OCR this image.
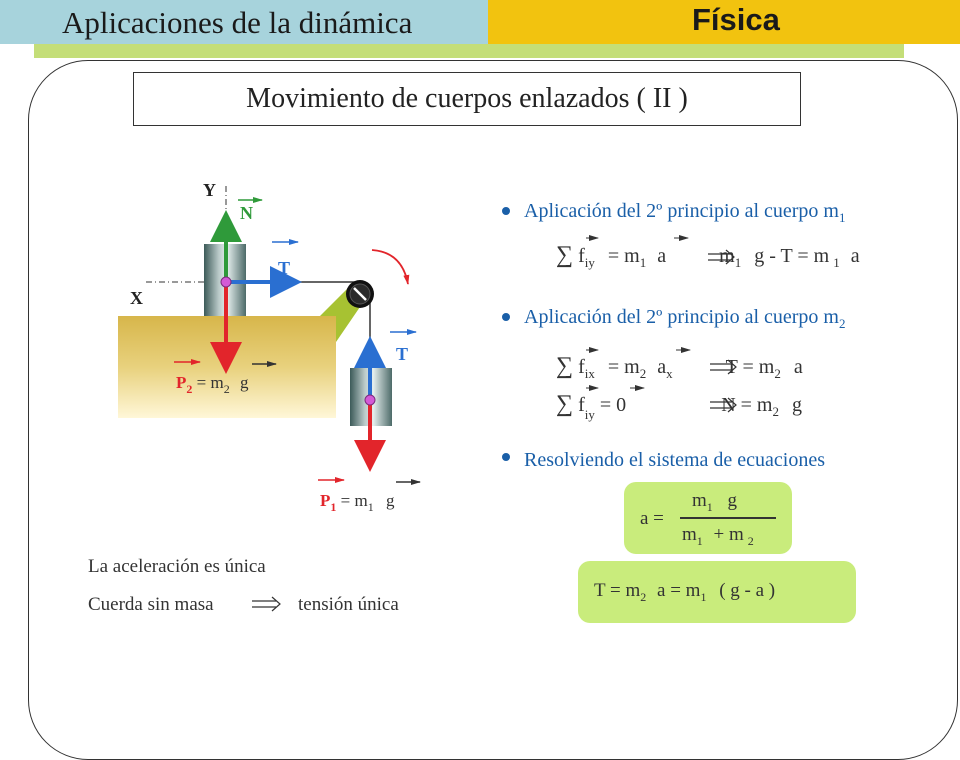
Aplicaciones de la dinámica	Física
Movimiento de cuerpos enlazados ( II )
Y
X
N
T
T
$P_2 = m_2$ g
$P_1 = m_1$ g
Aplicación del 2º principio al cuerpo $m_1$
∑ $f_{iy} = m_1$ a	$m_1$ g - T = m $_1$ a
Aplicación del 2º principio al cuerpo $m_2$
∑ $f_{ix} = m_2$ $a_x$	$T = m_2$ a
∑ $f_{iy} = 0$	$N = m_2$ g
Resolviendo el sistema de ecuaciones
a =
$m_1$ g
$m_1 + m$ $_2$
$T = m_2$ $a = m_1$ ( g - a )
La aceleración es única
Cuerda sin masa	tensión única
